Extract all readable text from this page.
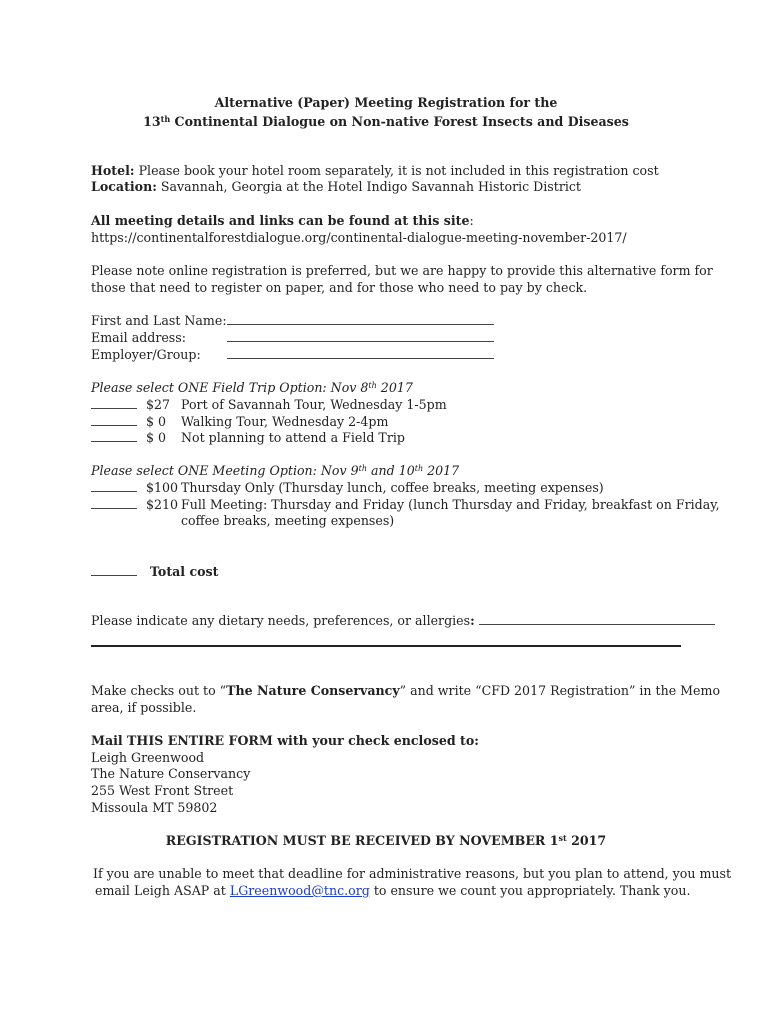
Alternative (Paper) Meeting Registration for the
13th Continental Dialogue on Non-native Forest Insects and Diseases
Hotel: Please book your hotel room separately, it is not included in this registration cost
Location: Savannah, Georgia at the Hotel Indigo Savannah Historic District
All meeting details and links can be found at this site:
https://continentalforestdialogue.org/continental-dialogue-meeting-november-2017/
Please note online registration is preferred, but we are happy to provide this alternative form for
those that need to register on paper, and for those who need to pay by check.
First and Last Name:
Email address:
Employer/Group:
Please select ONE Field Trip Option: Nov 8th 2017
$27 Port of Savannah Tour, Wednesday 1-5pm
$ 0 Walking Tour, Wednesday 2-4pm
$ 0 Not planning to attend a Field Trip
Please select ONE Meeting Option: Nov 9th and 10th 2017
$100 Thursday Only (Thursday lunch, coffee breaks, meeting expenses)
$210 Full Meeting: Thursday and Friday (lunch Thursday and Friday, breakfast on Friday,
coffee breaks, meeting expenses)
Total cost
Please indicate any dietary needs, preferences, or allergies:
Make checks out to “The Nature Conservancy” and write “CFD 2017 Registration” in the Memo
area, if possible.
Mail THIS ENTIRE FORM with your check enclosed to:
Leigh Greenwood
The Nature Conservancy
255 West Front Street
Missoula MT 59802
REGISTRATION MUST BE RECEIVED BY NOVEMBER 1st 2017
If you are unable to meet that deadline for administrative reasons, but you plan to attend, you must
email Leigh ASAP at LGreenwood@tnc.org to ensure we count you appropriately. Thank you.
